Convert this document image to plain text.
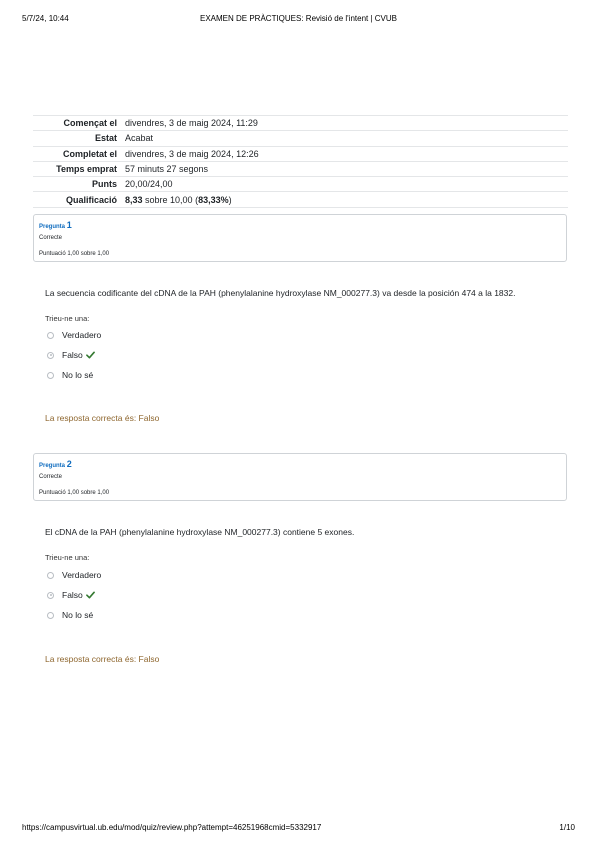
5/7/24, 10:44	EXAMEN DE PRÀCTIQUES: Revisió de l'intent | CVUB
Començat el	divendres, 3 de maig 2024, 11:29
Estat	Acabat
Completat el	divendres, 3 de maig 2024, 12:26
Temps emprat	57 minuts 27 segons
Punts	20,00/24,00
Qualificació	8,33 sobre 10,00 (83,33%)
Pregunta 1
Correcte
Puntuació 1,00 sobre 1,00
La secuencia codificante del cDNA de la PAH (phenylalanine hydroxylase NM_000277.3) va desde la posición 474 a la 1832.
Trieu-ne una:
Verdadero
Falso
No lo sé
La resposta correcta és: Falso
Pregunta 2
Correcte
Puntuació 1,00 sobre 1,00
El cDNA de la PAH (phenylalanine hydroxylase NM_000277.3) contiene 5 exones.
Trieu-ne una:
Verdadero
Falso
No lo sé
La resposta correcta és: Falso
https://campusvirtual.ub.edu/mod/quiz/review.php?attempt=46251968cmid=5332917	1/10
